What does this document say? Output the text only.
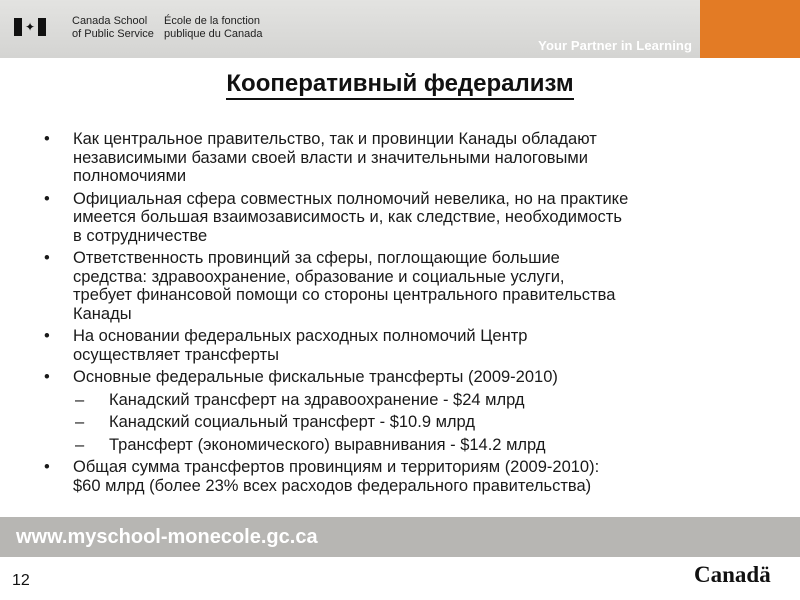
✦	Canada School
of Public Service
École de la fonction
publique du Canada
Your Partner in Learning
Кооперативный федерализм
• Как центральное правительство, так и провинции Канады обладают
независимыми базами своей власти и значительными налоговыми
полномочиями
• Официальная сфера совместных полномочий невелика, но на практике
имеется большая взаимозависимость и, как следствие, необходимость
в сотрудничестве
• Ответственность провинций за сферы, поглощающие большие
средства: здравоохранение, образование и социальные услуги,
требует финансовой помощи со стороны центрального правительства
Канады
• На основании федеральных расходных полномочий Центр
осуществляет трансферты
• Основные федеральные фискальные трансферты (2009-2010)
– Канадский трансферт на здравоохранение - $24 млрд
– Канадский социальный трансферт - $10.9 млрд
– Трансферт (экономического) выравнивания - $14.2 млрд
• Общая сумма трансфертов провинциям и территориям (2009-2010):
$60 млрд (более 23% всех расходов федерального правительства)
www.myschool-monecole.gc.ca
12	Canadä
